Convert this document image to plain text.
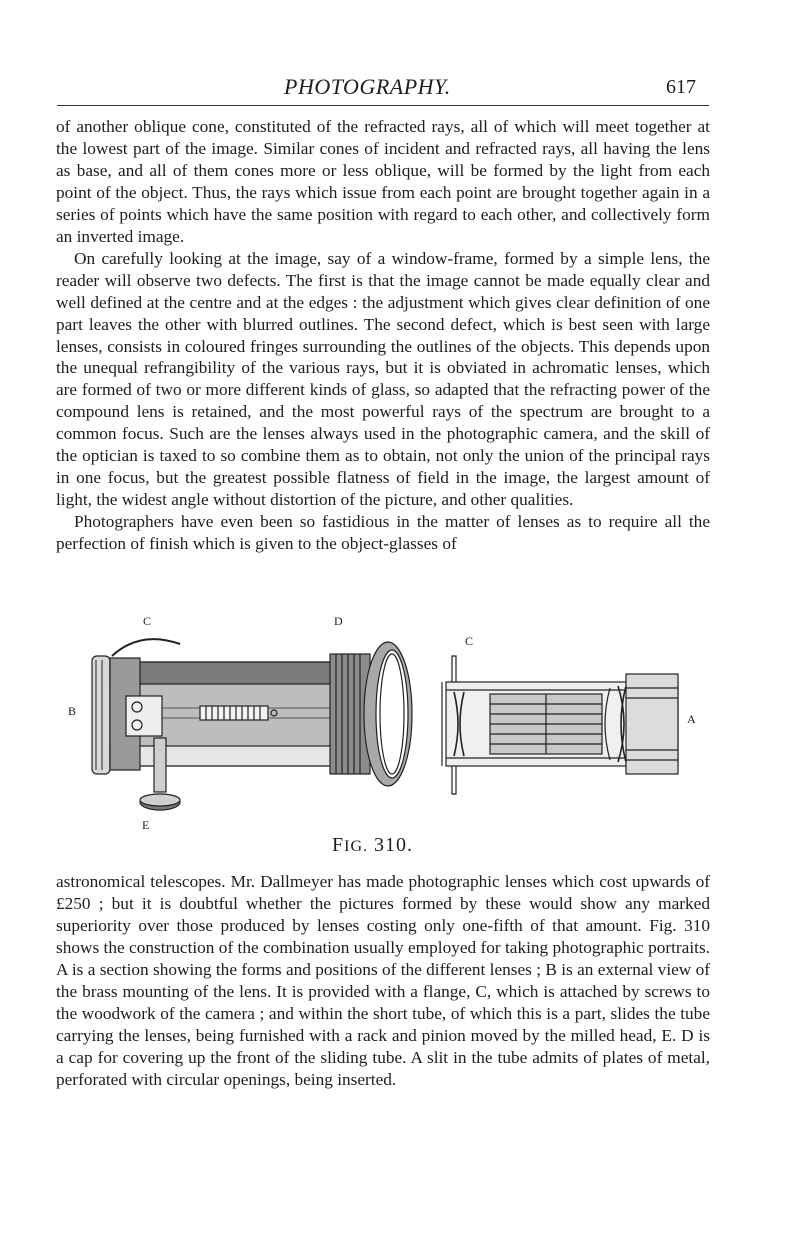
PHOTOGRAPHY.	617

of another oblique cone, constituted of the refracted rays, all of which will meet together at the lowest part of the image. Similar cones of incident and refracted rays, all having the lens as base, and all of them cones more or less oblique, will be formed by the light from each point of the object. Thus, the rays which issue from each point are brought together again in a series of points which have the same position with regard to each other, and collectively form an inverted image.

On carefully looking at the image, say of a window-frame, formed by a simple lens, the reader will observe two defects. The first is that the image cannot be made equally clear and well defined at the centre and at the edges : the adjustment which gives clear definition of one part leaves the other with blurred outlines. The second defect, which is best seen with large lenses, consists in coloured fringes surrounding the outlines of the objects. This depends upon the unequal refrangibility of the various rays, but it is obviated in achromatic lenses, which are formed of two or more different kinds of glass, so adapted that the refracting power of the compound lens is retained, and the most powerful rays of the spectrum are brought to a common focus. Such are the lenses always used in the photographic camera, and the skill of the optician is taxed to so combine them as to obtain, not only the union of the principal rays in one focus, but the greatest possible flatness of field in the image, the largest amount of light, the widest angle without distortion of the picture, and other qualities.

Photographers have even been so fastidious in the matter of lenses as to require all the perfection of finish which is given to the object-glasses of

C	D
C
B
A
E
FIG. 310.

astronomical telescopes. Mr. Dallmeyer has made photographic lenses which cost upwards of £250 ; but it is doubtful whether the pictures formed by these would show any marked superiority over those produced by lenses costing only one-fifth of that amount. Fig. 310 shows the construction of the combination usually employed for taking photographic portraits. A is a section showing the forms and positions of the different lenses ; B is an external view of the brass mounting of the lens. It is provided with a flange, C, which is attached by screws to the woodwork of the camera ; and within the short tube, of which this is a part, slides the tube carrying the lenses, being furnished with a rack and pinion moved by the milled head, E. D is a cap for covering up the front of the sliding tube. A slit in the tube admits of plates of metal, perforated with circular openings, being inserted.
